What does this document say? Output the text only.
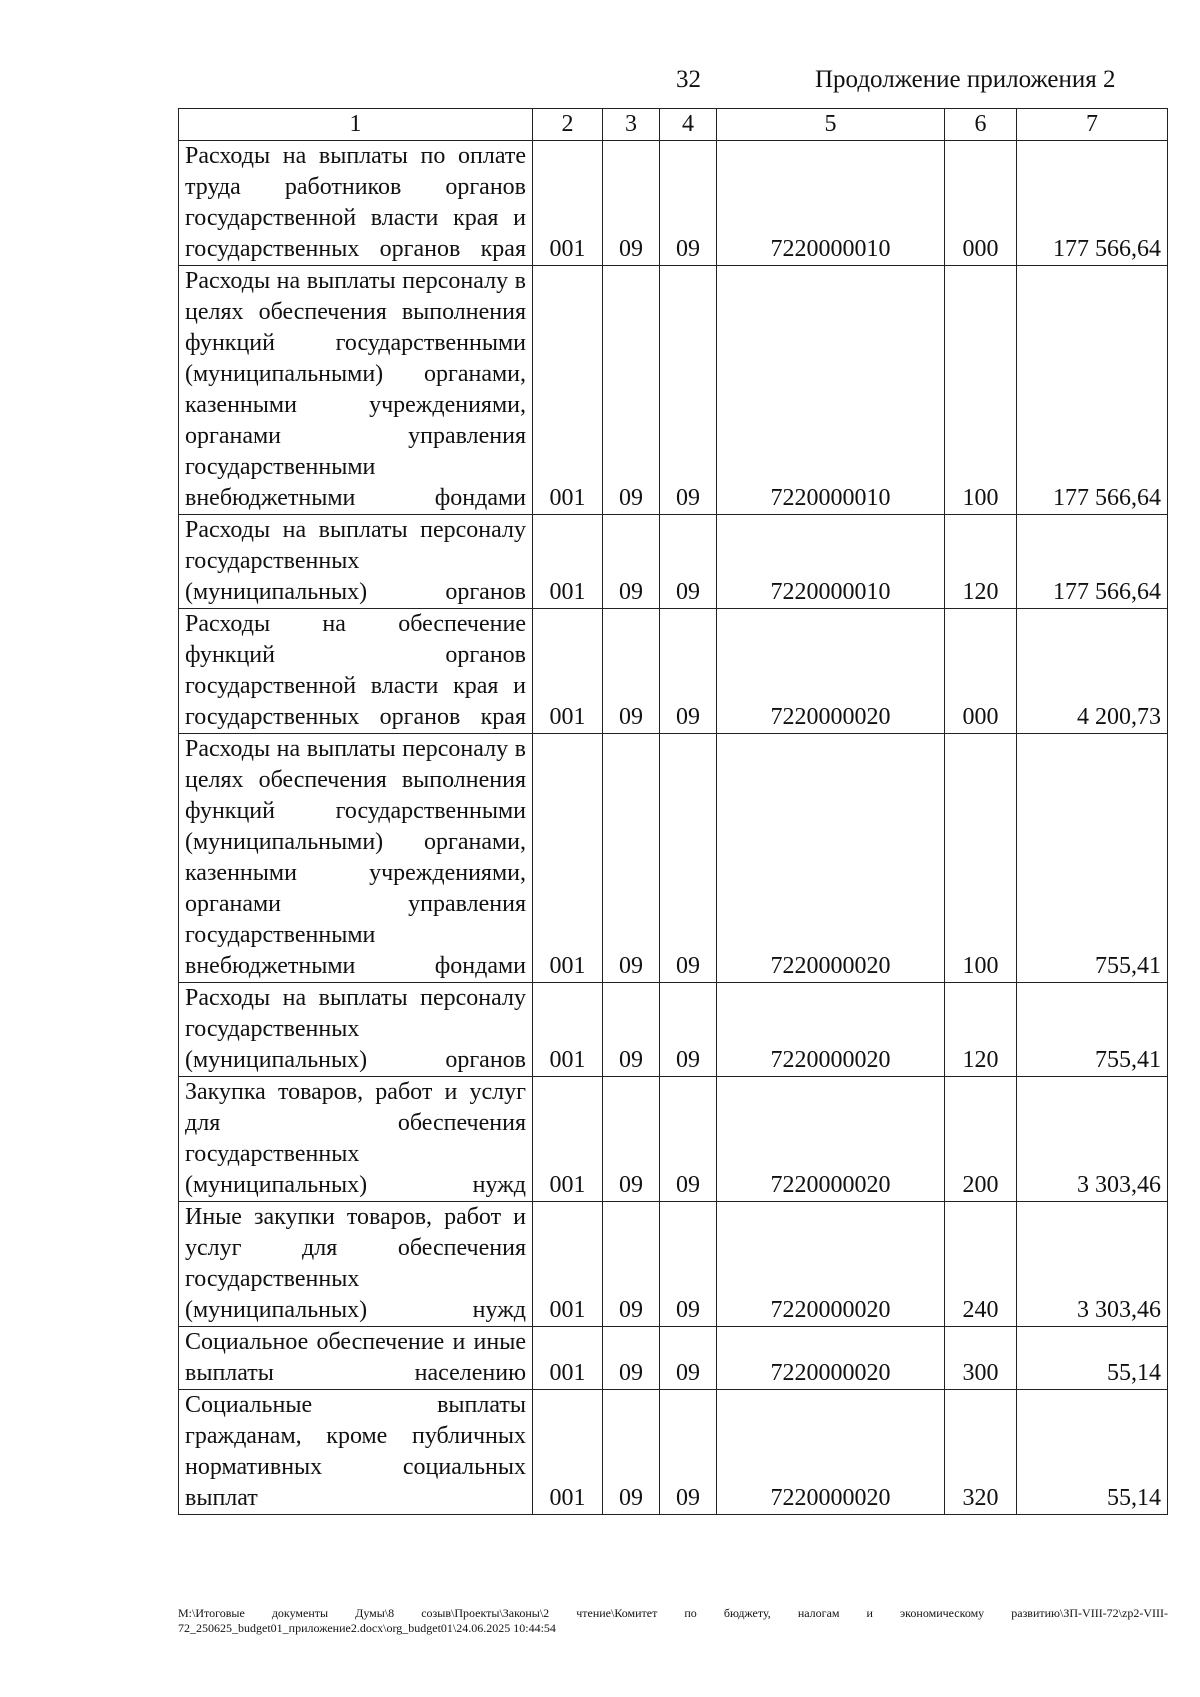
32	Продолжение приложения 2
1	2	3	4	5	6	7
Расходы на выплаты по оплате труда работников органов государственной власти края и государственных органов края	001	09	09	7220000010	000	177 566,64
Расходы на выплаты персоналу в целях обеспечения выполнения функций государственными (муниципальными) органами, казенными учреждениями, органами управления государственными внебюджетными фондами	001	09	09	7220000010	100	177 566,64
Расходы на выплаты персоналу государственных (муниципальных) органов	001	09	09	7220000010	120	177 566,64
Расходы на обеспечение функций органов государственной власти края и государственных органов края	001	09	09	7220000020	000	4 200,73
Расходы на выплаты персоналу в целях обеспечения выполнения функций государственными (муниципальными) органами, казенными учреждениями, органами управления государственными внебюджетными фондами	001	09	09	7220000020	100	755,41
Расходы на выплаты персоналу государственных (муниципальных) органов	001	09	09	7220000020	120	755,41
Закупка товаров, работ и услуг для обеспечения государственных (муниципальных) нужд	001	09	09	7220000020	200	3 303,46
Иные закупки товаров, работ и услуг для обеспечения государственных (муниципальных) нужд	001	09	09	7220000020	240	3 303,46
Социальное обеспечение и иные выплаты населению	001	09	09	7220000020	300	55,14
Социальные выплаты гражданам, кроме публичных нормативных социальных выплат	001	09	09	7220000020	320	55,14
M:\Итоговые документы Думы\8 созыв\Проекты\Законы\2 чтение\Комитет по бюджету, налогам и экономическому развитию\ЗП-VIII-72\zp2-VIII-72_250625_budget01_приложение2.docx\org_budget01\24.06.2025 10:44:54
